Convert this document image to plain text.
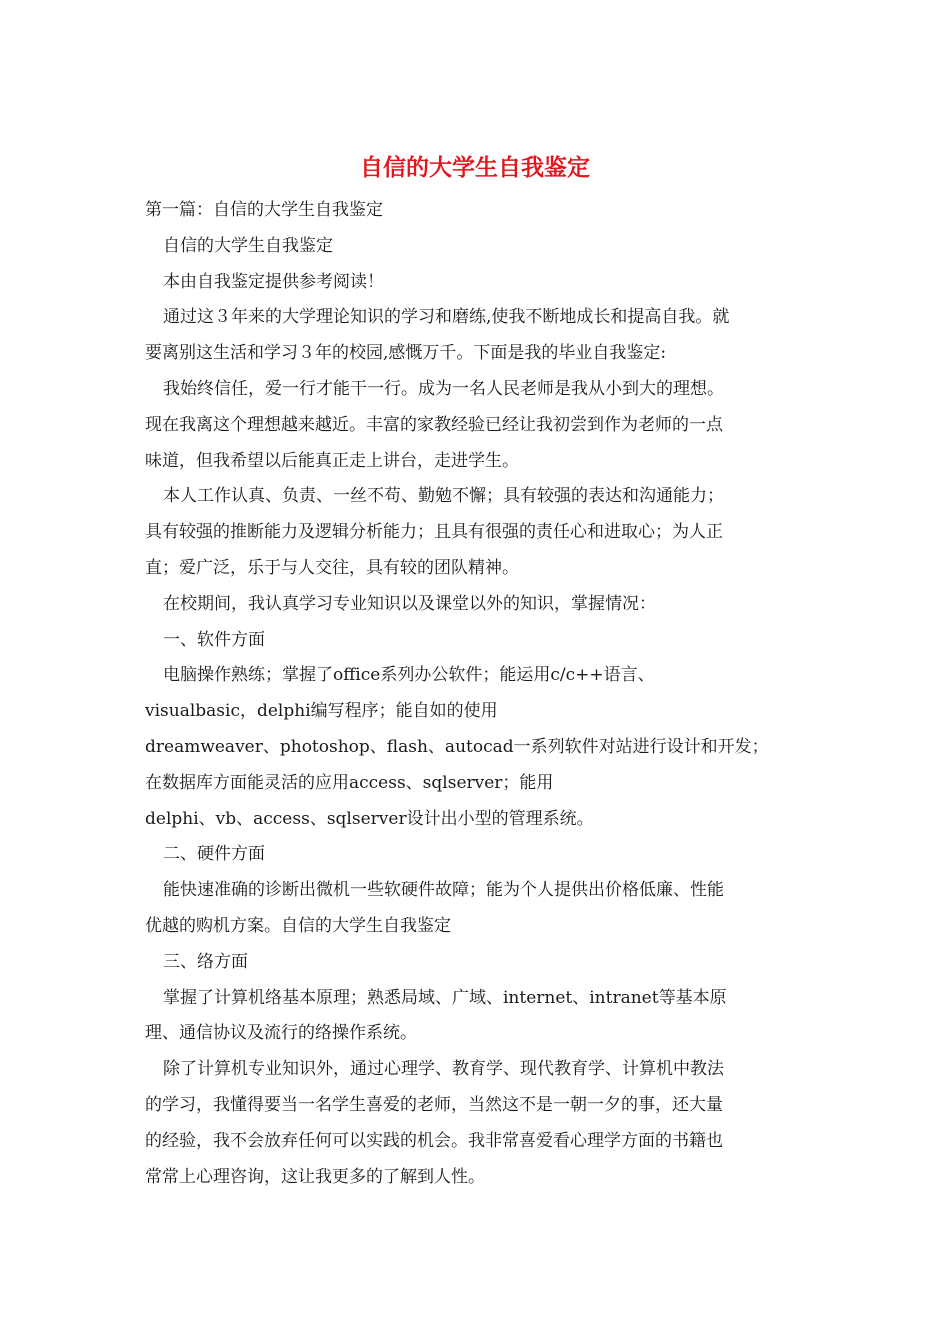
自信的大学生自我鉴定

第一篇：自信的大学生自我鉴定

自信的大学生自我鉴定

本由自我鉴定提供参考阅读！

通过这３年来的大学理论知识的学习和磨练,使我不断地成长和提高自我。就

要离别这生活和学习３年的校园,感慨万千。下面是我的毕业自我鉴定:

我始终信任，爱一行才能干一行。成为一名人民老师是我从小到大的理想。

现在我离这个理想越来越近。丰富的家教经验已经让我初尝到作为老师的一点

味道，但我希望以后能真正走上讲台，走进学生。

本人工作认真、负责、一丝不苟、勤勉不懈；具有较强的表达和沟通能力；

具有较强的推断能力及逻辑分析能力；且具有很强的责任心和进取心；为人正

直；爱广泛，乐于与人交往，具有较的团队精神。

在校期间，我认真学习专业知识以及课堂以外的知识，掌握情况：

一、软件方面

电脑操作熟练；掌握了office系列办公软件；能运用c/c++语言、

visualbasic，delphi编写程序；能自如的使用

dreamweaver、photoshop、flash、autocad一系列软件对站进行设计和开发；

在数据库方面能灵活的应用access、sqlserver；能用

delphi、vb、access、sqlserver设计出小型的管理系统。

二、硬件方面

能快速准确的诊断出微机一些软硬件故障；能为个人提供出价格低廉、性能

优越的购机方案。自信的大学生自我鉴定

三、络方面

掌握了计算机络基本原理；熟悉局域、广域、internet、intranet等基本原

理、通信协议及流行的络操作系统。

除了计算机专业知识外，通过心理学、教育学、现代教育学、计算机中教法

的学习，我懂得要当一名学生喜爱的老师，当然这不是一朝一夕的事，还大量

的经验，我不会放弃任何可以实践的机会。我非常喜爱看心理学方面的书籍也

常常上心理咨询，这让我更多的了解到人性。
